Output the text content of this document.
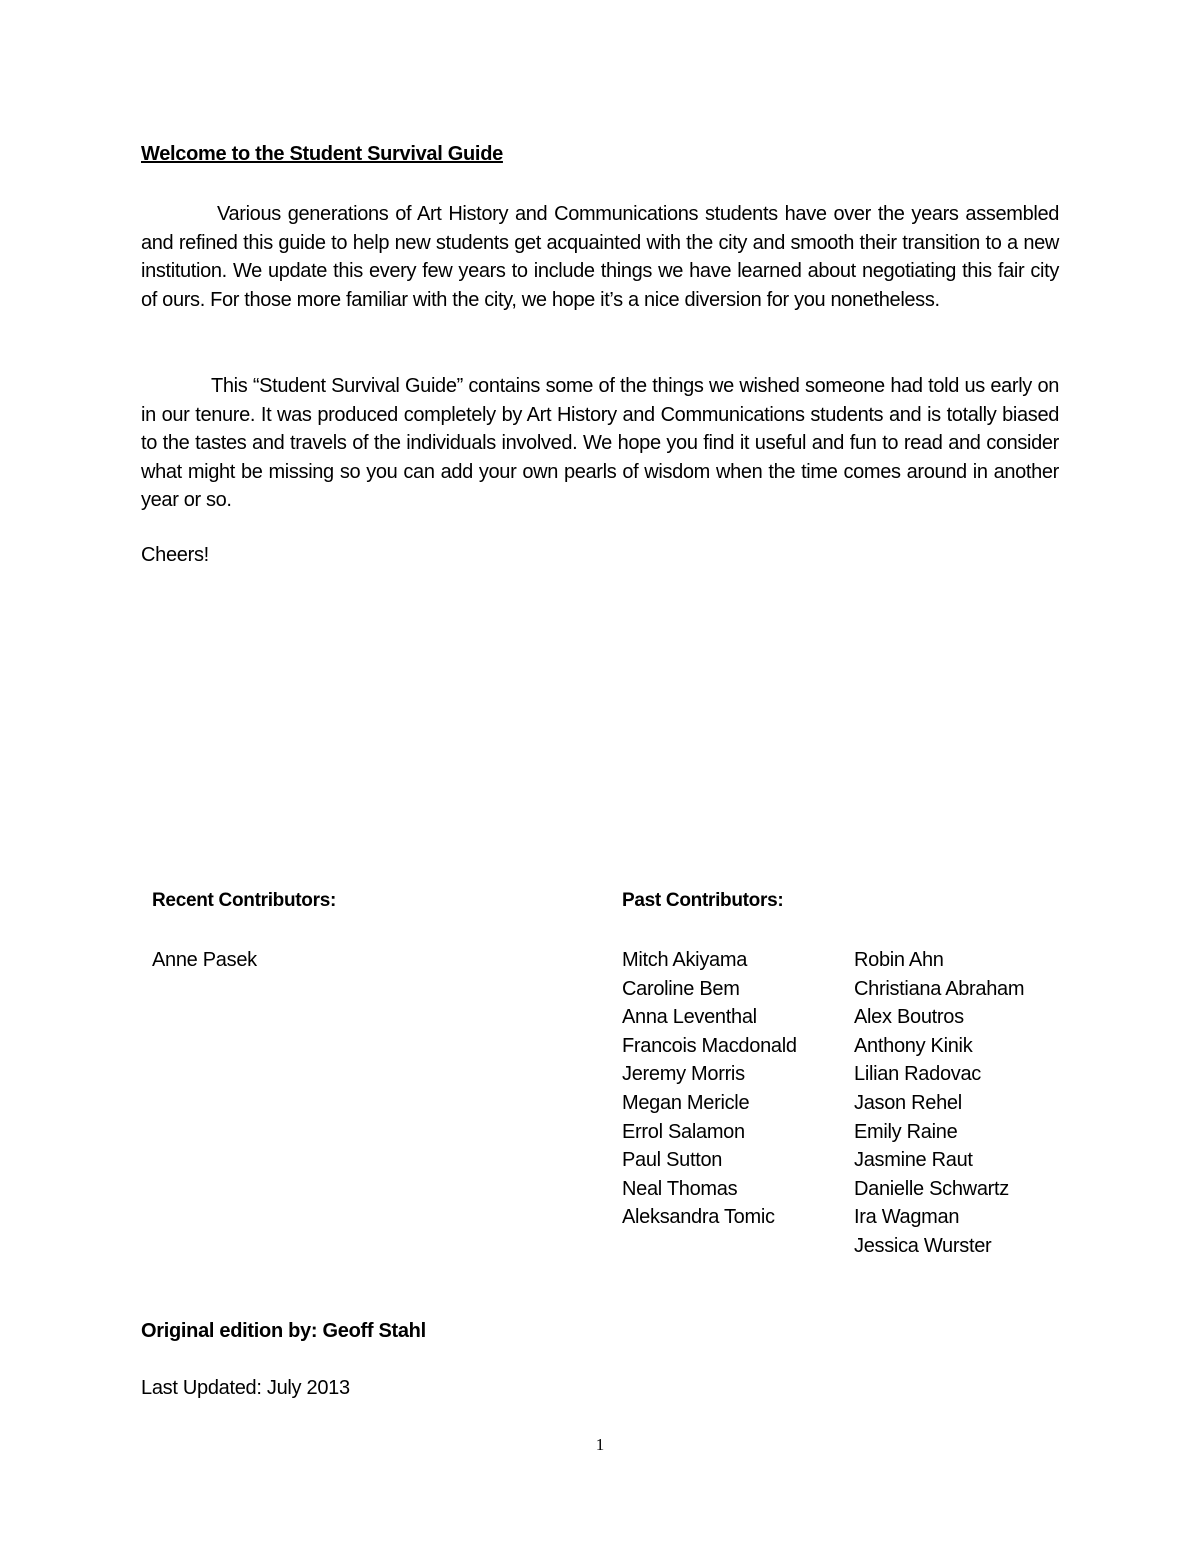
Welcome to the Student Survival Guide

Various generations of Art History and Communications students have over the years assembled and refined this guide to help new students get acquainted with the city and smooth their transition to a new institution. We update this every few years to include things we have learned about negotiating this fair city of ours. For those more familiar with the city, we hope it’s a nice diversion for you nonetheless.

This “Student Survival Guide” contains some of the things we wished someone had told us early on in our tenure. It was produced completely by Art History and Communications students and is totally biased to the tastes and travels of the individuals involved. We hope you find it useful and fun to read and consider what might be missing so you can add your own pearls of wisdom when the time comes around in another year or so.

Cheers!
Recent Contributors:
Anne Pasek
Past Contributors:
Mitch Akiyama
Caroline Bem
Anna Leventhal
Francois Macdonald
Jeremy Morris
Megan Mericle
Errol Salamon
Paul Sutton
Neal Thomas
Aleksandra Tomic
Robin Ahn
Christiana Abraham
Alex Boutros
Anthony Kinik
Lilian Radovac
Jason Rehel
Emily Raine
Jasmine Raut
Danielle Schwartz
Ira Wagman
Jessica Wurster
Original edition by: Geoff Stahl
Last Updated: July 2013
1
